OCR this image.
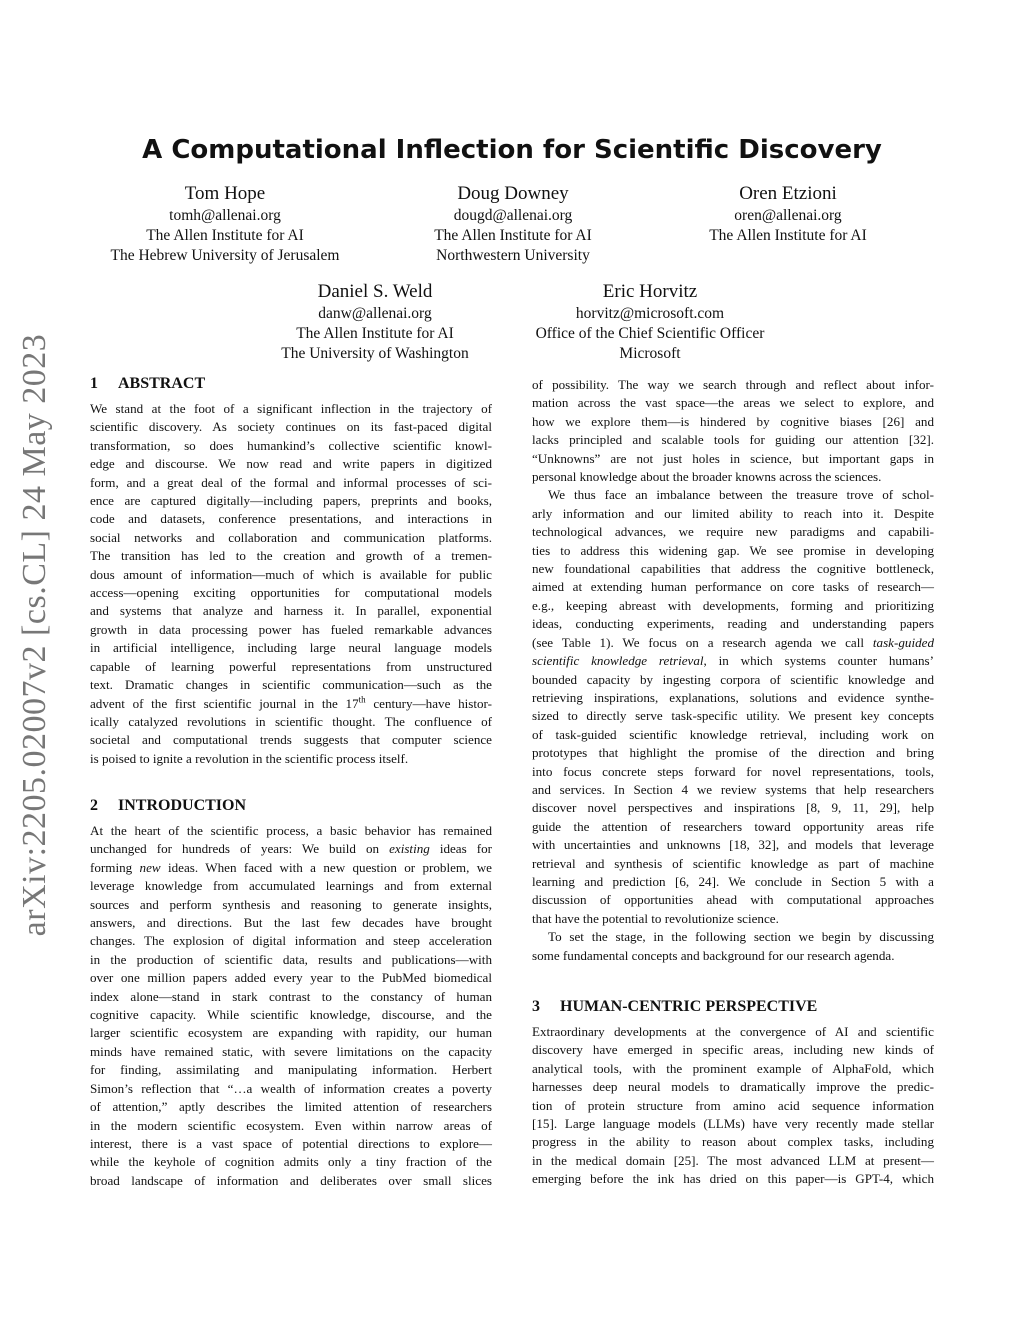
arXiv:2205.02007v2 [cs.CL] 24 May 2023
A Computational Inflection for Scientific Discovery
Tom Hope
tomh@allenai.org
The Allen Institute for AI
The Hebrew University of Jerusalem
Doug Downey
dougd@allenai.org
The Allen Institute for AI
Northwestern University
Oren Etzioni
oren@allenai.org
The Allen Institute for AI
Daniel S. Weld
danw@allenai.org
The Allen Institute for AI
The University of Washington
Eric Horvitz
horvitz@microsoft.com
Office of the Chief Scientific Officer
Microsoft
1 ABSTRACT
We stand at the foot of a significant inflection in the trajectory of
scientific discovery. As society continues on its fast-paced digital
transformation, so does humankind’s collective scientific knowl-
edge and discourse. We now read and write papers in digitized
form, and a great deal of the formal and informal processes of sci-
ence are captured digitally—including papers, preprints and books,
code and datasets, conference presentations, and interactions in
social networks and collaboration and communication platforms.
The transition has led to the creation and growth of a tremen-
dous amount of information—much of which is available for public
access—opening exciting opportunities for computational models
and systems that analyze and harness it. In parallel, exponential
growth in data processing power has fueled remarkable advances
in artificial intelligence, including large neural language models
capable of learning powerful representations from unstructured
text. Dramatic changes in scientific communication—such as the
advent of the first scientific journal in the 17th century—have histor-
ically catalyzed revolutions in scientific thought. The confluence of
societal and computational trends suggests that computer science
is poised to ignite a revolution in the scientific process itself.
2 INTRODUCTION
At the heart of the scientific process, a basic behavior has remained
unchanged for hundreds of years: We build on existing ideas for
forming new ideas. When faced with a new question or problem, we
leverage knowledge from accumulated learnings and from external
sources and perform synthesis and reasoning to generate insights,
answers, and directions. But the last few decades have brought
changes. The explosion of digital information and steep acceleration
in the production of scientific data, results and publications—with
over one million papers added every year to the PubMed biomedical
index alone—stand in stark contrast to the constancy of human
cognitive capacity. While scientific knowledge, discourse, and the
larger scientific ecosystem are expanding with rapidity, our human
minds have remained static, with severe limitations on the capacity
for finding, assimilating and manipulating information. Herbert
Simon’s reflection that “…a wealth of information creates a poverty
of attention,” aptly describes the limited attention of researchers
in the modern scientific ecosystem. Even within narrow areas of
interest, there is a vast space of potential directions to explore—
while the keyhole of cognition admits only a tiny fraction of the
broad landscape of information and deliberates over small slices
of possibility. The way we search through and reflect about infor-
mation across the vast space—the areas we select to explore, and
how we explore them—is hindered by cognitive biases [26] and
lacks principled and scalable tools for guiding our attention [32].
“Unknowns” are not just holes in science, but important gaps in
personal knowledge about the broader knowns across the sciences.
We thus face an imbalance between the treasure trove of schol-
arly information and our limited ability to reach into it. Despite
technological advances, we require new paradigms and capabili-
ties to address this widening gap. We see promise in developing
new foundational capabilities that address the cognitive bottleneck,
aimed at extending human performance on core tasks of research—
e.g., keeping abreast with developments, forming and prioritizing
ideas, conducting experiments, reading and understanding papers
(see Table 1). We focus on a research agenda we call task-guided
scientific knowledge retrieval, in which systems counter humans’
bounded capacity by ingesting corpora of scientific knowledge and
retrieving inspirations, explanations, solutions and evidence synthe-
sized to directly serve task-specific utility. We present key concepts
of task-guided scientific knowledge retrieval, including work on
prototypes that highlight the promise of the direction and bring
into focus concrete steps forward for novel representations, tools,
and services. In Section 4 we review systems that help researchers
discover novel perspectives and inspirations [8, 9, 11, 29], help
guide the attention of researchers toward opportunity areas rife
with uncertainties and unknowns [18, 32], and models that leverage
retrieval and synthesis of scientific knowledge as part of machine
learning and prediction [6, 24]. We conclude in Section 5 with a
discussion of opportunities ahead with computational approaches
that have the potential to revolutionize science.
To set the stage, in the following section we begin by discussing
some fundamental concepts and background for our research agenda.
3 HUMAN-CENTRIC PERSPECTIVE
Extraordinary developments at the convergence of AI and scientific
discovery have emerged in specific areas, including new kinds of
analytical tools, with the prominent example of AlphaFold, which
harnesses deep neural models to dramatically improve the predic-
tion of protein structure from amino acid sequence information
[15]. Large language models (LLMs) have very recently made stellar
progress in the ability to reason about complex tasks, including
in the medical domain [25]. The most advanced LLM at present—
emerging before the ink has dried on this paper—is GPT-4, which
